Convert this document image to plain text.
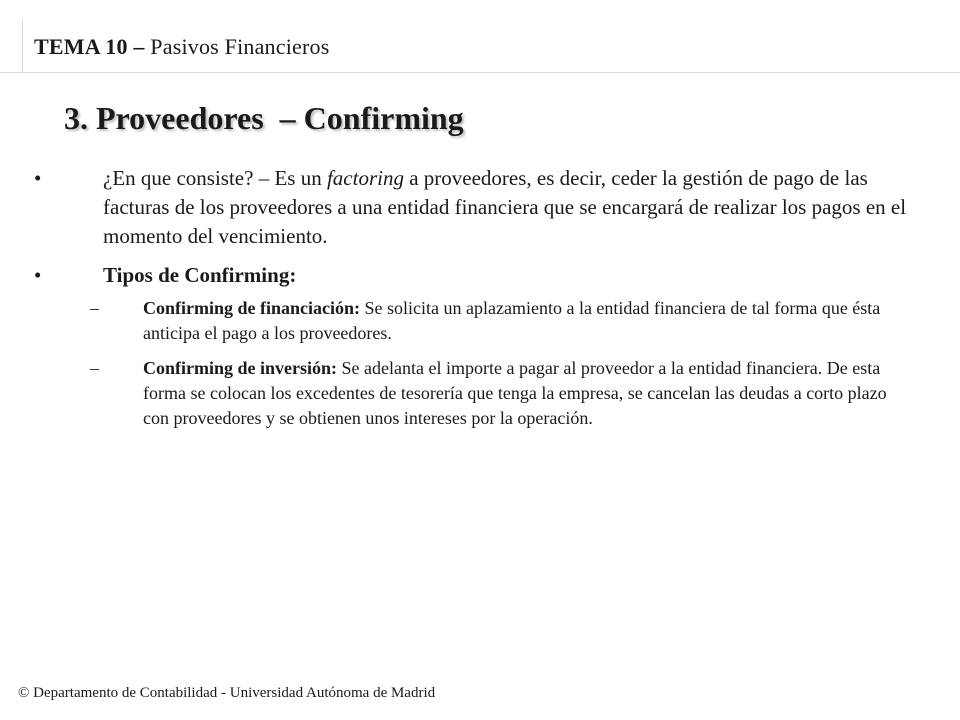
TEMA 10 – Pasivos Financieros
3. Proveedores  – Confirming
•	¿En que consiste? – Es un factoring a proveedores, es decir, ceder la gestión de pago de las facturas de los proveedores a una entidad financiera que se encargará de realizar los pagos en el momento del vencimiento.
•	Tipos de Confirming:
– Confirming de financiación: Se solicita un aplazamiento a la entidad financiera de tal forma que ésta anticipa el pago a los proveedores.
– Confirming de inversión: Se adelanta el importe a pagar al proveedor a la entidad financiera. De esta forma se colocan los excedentes de tesorería que tenga la empresa, se cancelan las deudas a corto plazo con proveedores y se obtienen unos intereses por la operación.
© Departamento de Contabilidad - Universidad Autónoma de Madrid
